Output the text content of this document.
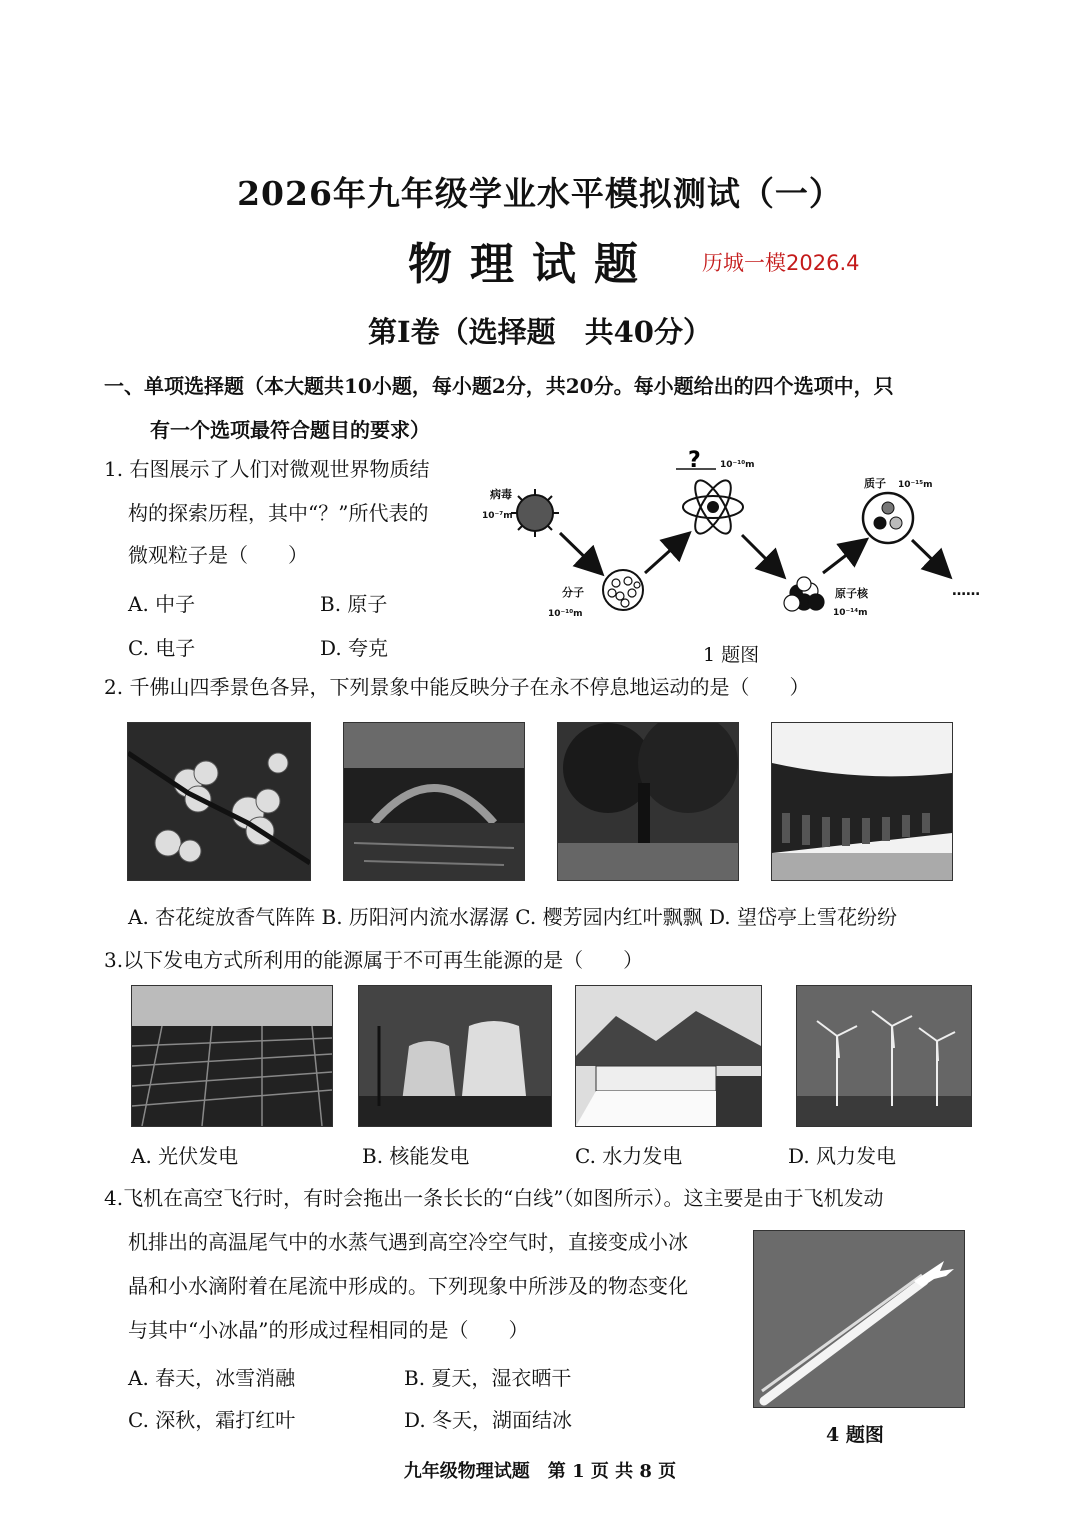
2026年九年级学业水平模拟测试（一）
物理试题 历城一模2026.4
第Ⅰ卷（选择题　共40分）
一、单项选择题（本大题共10小题，每小题2分，共20分。每小题给出的四个选项中，只
有一个选项最符合题目的要求）
1. 右图展示了人们对微观世界物质结
构的探索历程，其中“？”所代表的
微观粒子是（　　）
A. 中子	B. 原子
C. 电子	D. 夸克
病毒
10⁻⁷m
分子
10⁻¹⁰m
? 10⁻¹⁰m
原子核
10⁻¹⁴m
质子 10⁻¹⁵m
……
1 题图
2. 千佛山四季景色各异，下列景象中能反映分子在永不停息地运动的是（　　）
A. 杏花绽放香气阵阵 B. 历阳河内流水潺潺 C. 樱芳园内红叶飘飘 D. 望岱亭上雪花纷纷
3.以下发电方式所利用的能源属于不可再生能源的是（　　）
A. 光伏发电	B. 核能发电	C. 水力发电	D. 风力发电
4.飞机在高空飞行时，有时会拖出一条长长的“白线”（如图所示）。这主要是由于飞机发动
机排出的高温尾气中的水蒸气遇到高空冷空气时，直接变成小冰
晶和小水滴附着在尾流中形成的。下列现象中所涉及的物态变化
与其中“小冰晶”的形成过程相同的是（　　）
A. 春天，冰雪消融	B. 夏天，湿衣晒干
C. 深秋，霜打红叶	D. 冬天，湖面结冰
4 题图
九年级物理试题　第 1 页 共 8 页
